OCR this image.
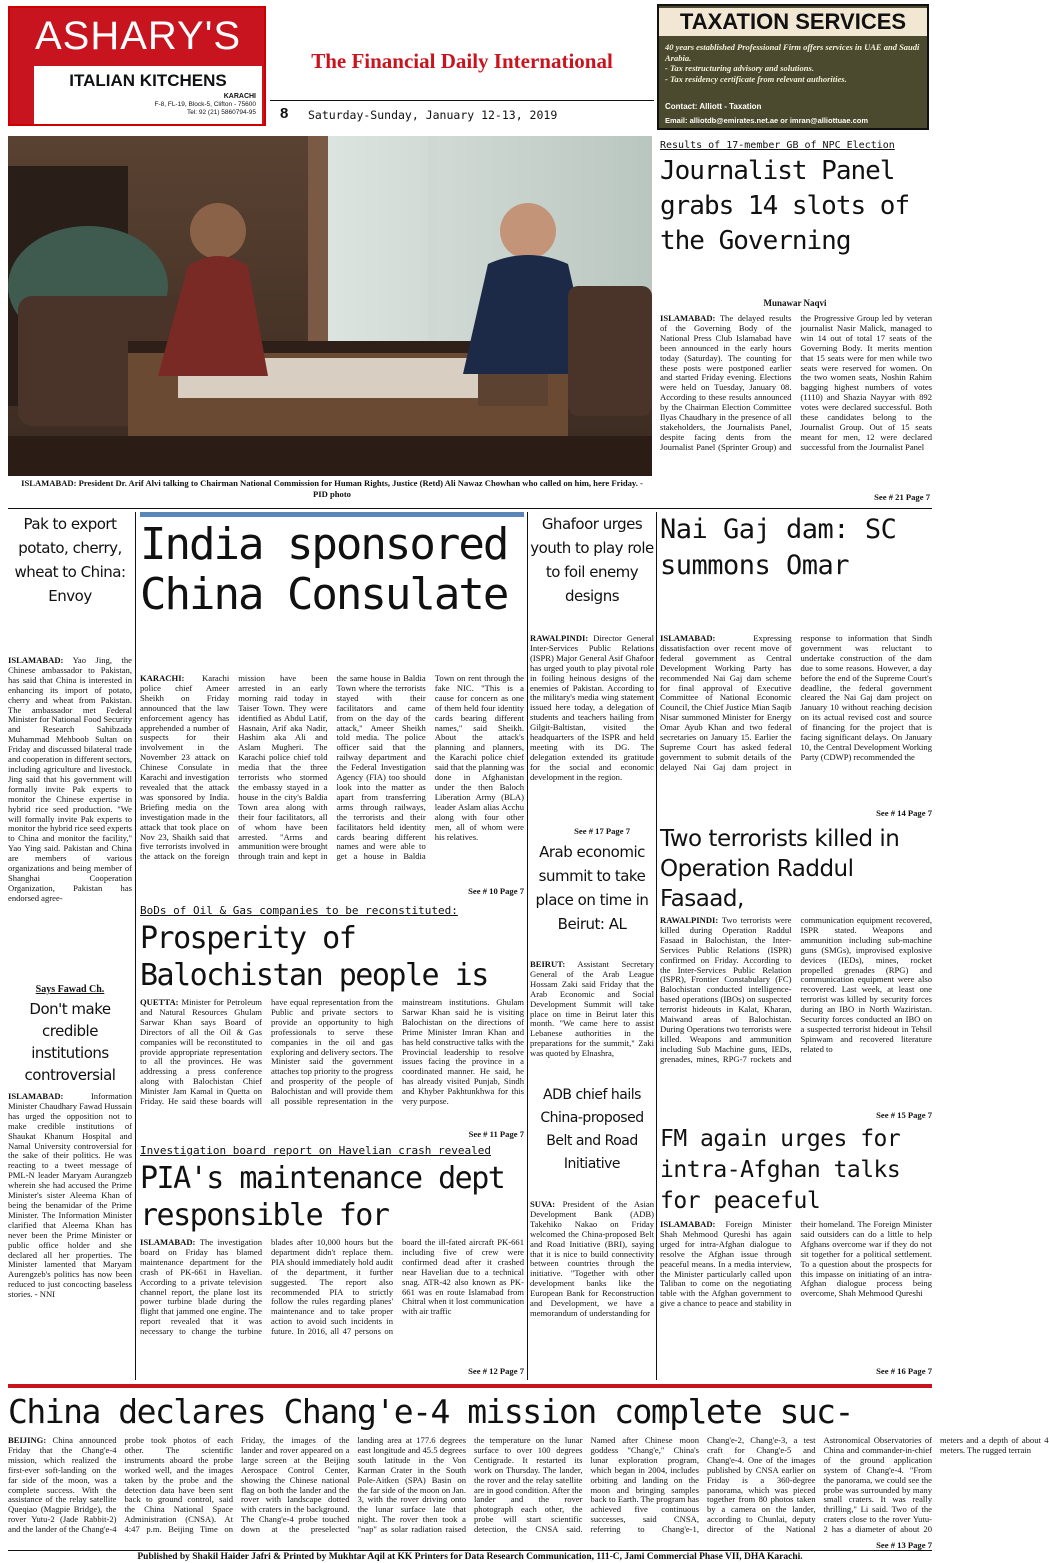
ASHARY'S
ITALIAN KITCHENS
KARACHI
F-8, FL-19, Block-5, Clifton - 75600
Tel: 92 (21) 5860794-95
The Financial Daily International
8 Saturday-Sunday, January 12-13, 2019
TAXATION SERVICES
40 years established Professional Firm offers services in UAE and Saudi Arabia.
- Tax restructuring advisory and solutions.
- Tax residency certificate from relevant authorities.
Contact: Alliott - Taxation
Email: alliotdb@emirates.net.ae or imran@alliottuae.com
ISLAMABAD: President Dr. Arif Alvi talking to Chairman National Commission for Human Rights, Justice (Retd) Ali Nawaz Chowhan who called on him, here Friday. - PID photo
Results of 17-member GB of NPC Election
Journalist Panel grabs 14 slots of the Governing
Munawar Naqvi
ISLAMABAD: The delayed results of the Governing Body of the National Press Club Islamabad have been announced in the early hours today (Saturday). The counting for these posts were postponed earlier and started Friday evening. Elections were held on Tuesday, January 08. According to these results announced by the Chairman Election Committee Ilyas Chaudhary in the presence of all stakeholders, the Journalists Panel, despite facing dents from the Journalist Panel (Sprinter Group) and the Progressive Group led by veteran journalist Nasir Malick, managed to win 14 out of total 17 seats of the Governing Body. It merits mention that 15 seats were for men while two seats were reserved for women. On the two women seats, Noshin Rahim bagging highest numbers of votes (1110) and Shazia Nayyar with 892 votes were declared successful. Both these candidates belong to the Journalist Group. Out of 15 seats meant for men, 12 were declared successful from the Journalist Panel
See # 21 Page 7
Pak to export potato, cherry, wheat to China: Envoy
ISLAMABAD: Yao Jing, the Chinese ambassador to Pakistan, has said that China is interested in enhancing its import of potato, cherry and wheat from Pakistan. The ambassador met Federal Minister for National Food Security and Research Sahibzada Muhammad Mehboob Sultan on Friday and discussed bilateral trade and cooperation in different sectors, including agriculture and livestock. Jing said that his government will formally invite Pak experts to monitor the Chinese expertise in hybrid rice seed production. "We will formally invite Pak experts to monitor the hybrid rice seed experts to China and monitor the facility," Yao Ying said. Pakistan and China are members of various organizations and being member of Shanghai Cooperation Organization, Pakistan has endorsed agree-
Says Fawad Ch.
Don't make credible institutions controversial
ISLAMABAD:	Information Minister Chaudhary Fawad Hussain has urged the opposition not to make credible institutions of Shaukat Khanum Hospital and Namal University controversial for the sake of their politics. He was reacting to a tweet message of PML-N leader Maryam Aurangzeb wherein she had accused the Prime Minister's sister Aleema Khan of being the benamidar of the Prime Minister. The Information Minister clarified that Aleema Khan has never been the Prime Minister or public office holder and she declared all her properties. The Minister lamented that Maryam Aurengzeb's politics has now been reduced to just concocting baseless stories. - NNI
India sponsored China Consulate
KARACHI: Karachi police chief Ameer Sheikh on Friday announced that the law enforcement agency has apprehended a number of suspects for their involvement in the November 23 attack on Chinese Consulate in Karachi and investigation revealed that the attack was sponsored by India. Briefing media on the investigation made in the attack that took place on Nov 23, Shaikh said that five terrorists involved in the attack on the foreign mission have been arrested in an early morning raid today in Taiser Town. They were identified as Abdul Latif, Hasnain, Arif aka Nadir, Hashim aka Ali and Aslam Mugheri. The Karachi police chief told media that the three terrorists who stormed the embassy stayed in a house in the city's Baldia Town area along with their four facilitators, all of whom have been arrested. "Arms and ammunition were brought through train and kept in the same house in Baldia Town where the terrorists stayed with their facilitators and came from on the day of the attack," Ameer Sheikh told media. The police officer said that the railway department and the Federal Investigation Agency (FIA) too should look into the matter as apart from transferring arms through railways, the terrorists and their facilitators held identity cards bearing different names and were able to get a house in Baldia Town on rent through the fake NIC. "This is a cause for concern as one of them held four identity cards bearing different names," said Sheikh. About the attack's planning and planners, the Karachi police chief said that the planning was done in Afghanistan under the then Baloch Liberation Army (BLA) leader Aslam alias Acchu along with four other men, all of whom were his relatives.
See # 10 Page 7
BoDs of Oil & Gas companies to be reconstituted:
Prosperity of Balochistan people is
QUETTA: Minister for Petroleum and Natural Resources Ghulam Sarwar Khan says Board of Directors of all the Oil & Gas companies will be reconstituted to provide appropriate representation to all the provinces. He was addressing a press conference along with Balochistan Chief Minister Jam Kamal in Quetta on Friday. He said these boards will have equal representation from the Public and private sectors to provide an opportunity to high professionals to serve these companies in the oil and gas exploring and delivery sectors. The Minister said the government attaches top priority to the progress and prosperity of the people of Balochistan and will provide them all possible representation in the mainstream institutions. Ghulam Sarwar Khan said he is visiting Balochistan on the directions of Prime Minister Imran Khan and has held constructive talks with the Provincial leadership to resolve issues facing the province in a coordinated manner. He said, he has already visited Punjab, Sindh and Khyber Pakhtunkhwa for this very purpose.
See # 11 Page 7
Investigation board report on Havelian crash revealed
PIA's maintenance dept responsible for
ISLAMABAD: The investigation board on Friday has blamed maintenance department for the crash of PK-661 in Havelian. According to a private television channel report, the plane lost its power turbine blade during the flight that jammed one engine. The report revealed that it was necessary to change the turbine blades after 10,000 hours but the department didn't replace them. PIA should immediately hold audit of the department, it further suggested. The report also recommended PIA to strictly follow the rules regarding planes' maintenance and to take proper action to avoid such incidents in future. In 2016, all 47 persons on board the ill-fated aircraft PK-661 including five of crew were confirmed dead after it crashed near Havelian due to a technical snag. ATR-42 also known as PK-661 was en route Islamabad from Chitral when it lost communication with air traffic
See # 12 Page 7
Ghafoor urges youth to play role to foil enemy designs
RAWALPINDI: Director General Inter-Services Public Relations (ISPR) Major General Asif Ghafoor has urged youth to play pivotal role in foiling heinous designs of the enemies of Pakistan. According to the military's media wing statement issued here today, a delegation of students and teachers hailing from Gilgit-Baltistan, visited the headquarters of the ISPR and held meeting with its DG. The delegation extended its gratitude for the social and economic development in the region.
See # 17 Page 7
Arab economic summit to take place on time in Beirut: AL
BEIRUT: Assistant Secretary General of the Arab League Hossam Zaki said Friday that the Arab Economic and Social Development Summit will take place on time in Beirut later this month. "We came here to assist Lebanese authorities in the preparations for the summit," Zaki was quoted by Elnashra,
ADB chief hails China-proposed Belt and Road Initiative
SUVA: President of the Asian Development Bank (ADB) Takehiko Nakao on Friday welcomed the China-proposed Belt and Road Initiative (BRI), saying that it is nice to build connectivity between countries through the initiative. "Together with other development banks like the European Bank for Reconstruction and Development, we have a memorandum of understanding for
Nai Gaj dam: SC summons Omar
ISLAMABAD:	Expressing dissatisfaction over recent move of federal government as Central Development Working Party has recommended Nai Gaj dam scheme for final approval of Executive Committee of National Economic Council, the Chief Justice Mian Saqib Nisar summoned Minister for Energy Omar Ayub Khan and two federal secretaries on January 15. Earlier the Supreme Court has asked federal government to submit details of the delayed Nai Gaj dam project in response to information that Sindh government was reluctant to undertake construction of the dam due to some reasons. However, a day before the end of the Supreme Court's deadline, the federal government cleared the Nai Gaj dam project on January 10 without reaching decision on its actual revised cost and source of financing for the project that is facing significant delays. On January 10, the Central Development Working Party (CDWP) recommended the
See # 14 Page 7
Two terrorists killed in Operation Raddul Fasaad,
RAWALPINDI: Two terrorists were killed during Operation Raddul Fasaad in Balochistan, the Inter-Services Public Relations (ISPR) confirmed on Friday. According to the Inter-Services Public Relation (ISPR), Frontier Constabulary (FC) Balochistan conducted intelligence-based operations (IBOs) on suspected terrorist hideouts in Kalat, Kharan, Maiwand areas of Balochistan. During Operations two terrorists were killed. Weapons and ammunition including Sub Machine guns, IEDs, grenades, mines, RPG-7 rockets and communication equipment recovered, ISPR stated. Weapons and ammunition including sub-machine guns (SMGs), improvised explosive devices (IEDs), mines, rocket propelled grenades (RPG) and communication equipment were also recovered. Last week, at least one terrorist was killed by security forces during an IBO in North Waziristan. Security forces conducted an IBO on a suspected terrorist hideout in Tehsil Spinwam and recovered literature related to
See # 15 Page 7
FM again urges for intra-Afghan talks for peaceful
ISLAMABAD: Foreign Minister Shah Mehmood Qureshi has again urged for intra-Afghan dialogue to resolve the Afghan issue through peaceful means. In a media interview, the Minister particularly called upon Taliban to come on the negotiating table with the Afghan government to give a chance to peace and stability in their homeland. The Foreign Minister said outsiders can do a little to help Afghans overcome war if they do not sit together for a political settlement. To a question about the prospects for this impasse on initiating of an intra-Afghan dialogue process being overcome, Shah Mehmood Qureshi
See # 16 Page 7
China declares Chang'e-4 mission complete suc-
BEIJING: China announced Friday that the Chang'e-4 mission, which realized the first-ever soft-landing on the far side of the moon, was a complete success. With the assistance of the relay satellite Queqiao (Magpie Bridge), the rover Yutu-2 (Jade Rabbit-2) and the lander of the Chang'e-4 probe took photos of each other. The scientific instruments aboard the probe worked well, and the images taken by the probe and the detection data have been sent back to ground control, said the China National Space Administration (CNSA). At 4:47 p.m. Beijing Time on Friday, the images of the lander and rover appeared on a large screen at the Beijing Aerospace Control Center, showing the Chinese national flag on both the lander and the rover with landscape dotted with craters in the background. The Chang'e-4 probe touched down at the preselected landing area at 177.6 degrees east longitude and 45.5 degrees south latitude in the Von Karman Crater in the South Pole-Aitken (SPA) Basin on the far side of the moon on Jan. 3, with the rover driving onto the lunar surface late that night. The rover then took a "nap" as solar radiation raised the temperature on the lunar surface to over 100 degrees Centigrade. It restarted its work on Thursday. The lander, the rover and the relay satellite are in good condition. After the lander and the rover photograph each other, the probe will start scientific detection, the CNSA said. Named after Chinese moon goddess "Chang'e," China's lunar exploration program, which began in 2004, includes orbiting and landing on the moon and bringing samples back to Earth. The program has achieved five continuous successes, said CNSA, referring to Chang'e-1, Chang'e-2, Chang'e-3, a test craft for Chang'e-5 and Chang'e-4. One of the images published by CNSA earlier on Friday is a 360-degree panorama, which was pieced together from 80 photos taken by a camera on the lander, according to Chunlai, deputy director of the National Astronomical Observatories of China and commander-in-chief of the ground application system of Chang'e-4. "From the panorama, we could see the probe was surrounded by many small craters. It was really thrilling," Li said. Two of the craters close to the rover Yutu-2 has a diameter of about 20 meters and a depth of about 4 meters. The rugged terrain
See # 13 Page 7
Published by Shakil Haider Jafri & Printed by Mukhtar Aqil at KK Printers for Data Research Communication, 111-C, Jami Commercial Phase VII, DHA Karachi.
